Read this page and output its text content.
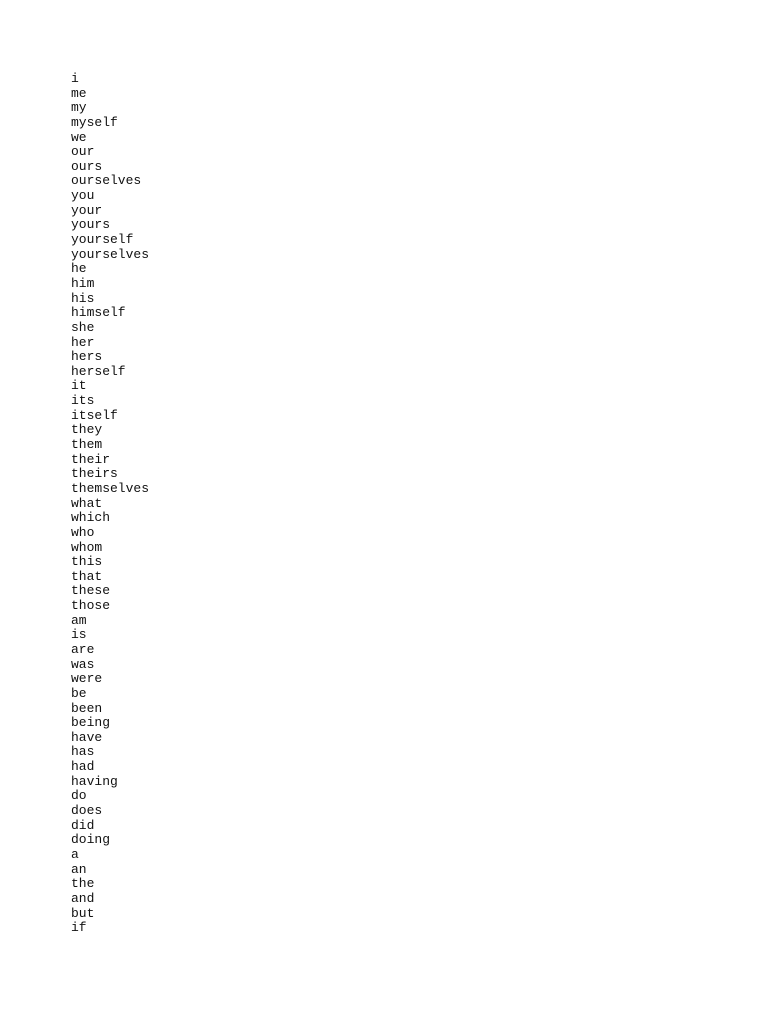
i
me
my
myself
we
our
ours
ourselves
you
your
yours
yourself
yourselves
he
him
his
himself
she
her
hers
herself
it
its
itself
they
them
their
theirs
themselves
what
which
who
whom
this
that
these
those
am
is
are
was
were
be
been
being
have
has
had
having
do
does
did
doing
a
an
the
and
but
if
